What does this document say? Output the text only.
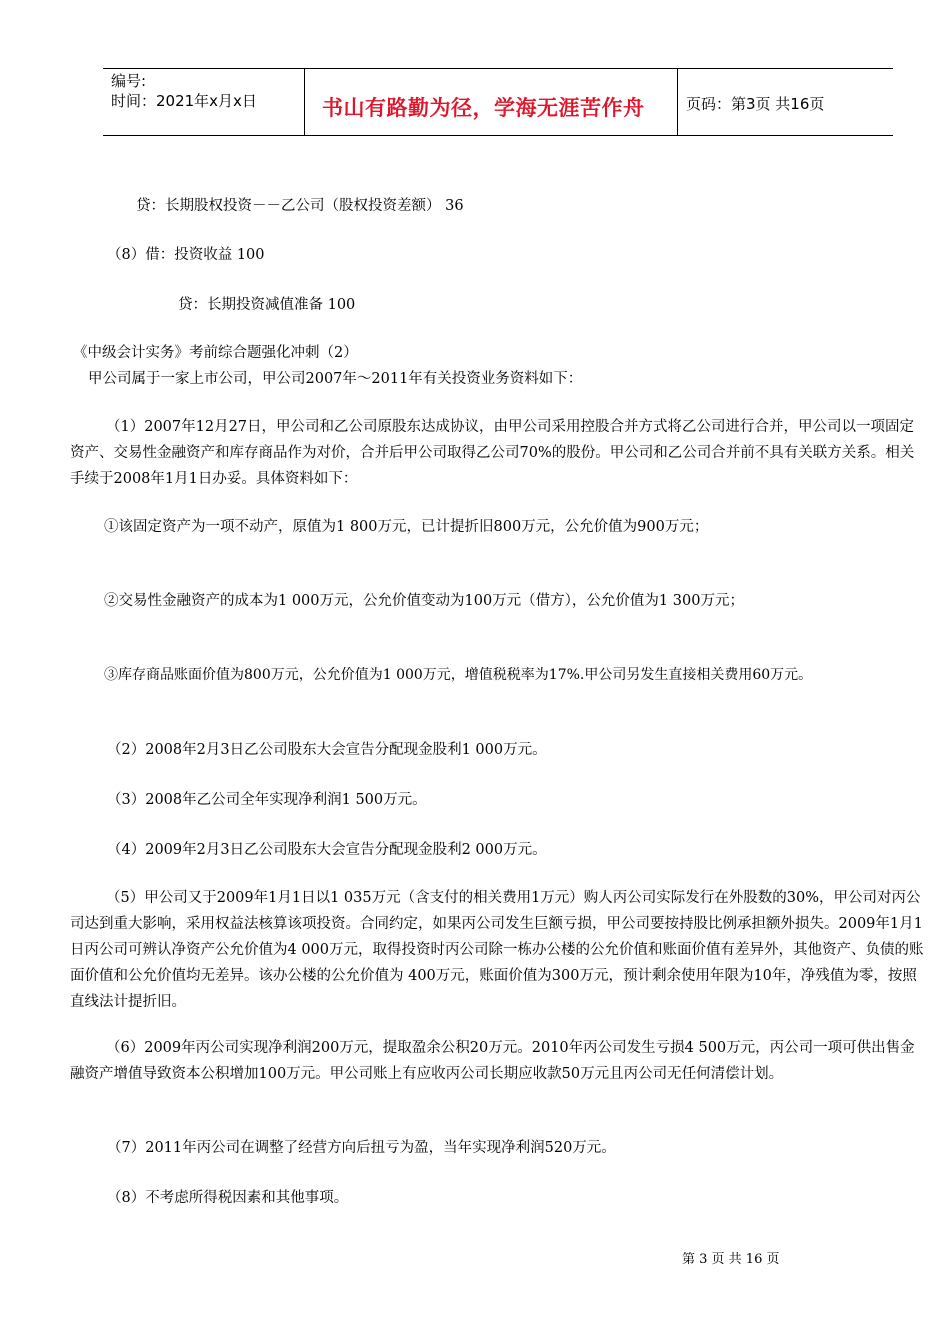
编号:
时间：2021年x月x日	书山有路勤为径，学海无涯苦作舟	页码：第3页 共16页
贷：长期股权投资－－乙公司（股权投资差额） 36
（8）借：投资收益 100
贷：长期投资减值准备 100
《中级会计实务》考前综合题强化冲刺（2）
甲公司属于一家上市公司，甲公司2007年～2011年有关投资业务资料如下：
（1）2007年12月27日，甲公司和乙公司原股东达成协议，由甲公司采用控股合并方式将乙公司进行合并，甲公司以一项固定资产、交易性金融资产和库存商品作为对价，合并后甲公司取得乙公司70%的股份。甲公司和乙公司合并前不具有关联方关系。相关手续于2008年1月1日办妥。具体资料如下：
①该固定资产为一项不动产，原值为1 800万元，已计提折旧800万元，公允价值为900万元；
②交易性金融资产的成本为1 000万元，公允价值变动为100万元（借方），公允价值为1 300万元；
③库存商品账面价值为800万元，公允价值为1 000万元，增值税税率为17%.甲公司另发生直接相关费用60万元。
（2）2008年2月3日乙公司股东大会宣告分配现金股利1 000万元。
（3）2008年乙公司全年实现净利润1 500万元。
（4）2009年2月3日乙公司股东大会宣告分配现金股利2 000万元。
（5）甲公司又于2009年1月1日以1 035万元（含支付的相关费用1万元）购人丙公司实际发行在外股数的30%，甲公司对丙公司达到重大影响，采用权益法核算该项投资。合同约定，如果丙公司发生巨额亏损，甲公司要按持股比例承担额外损失。2009年1月1日丙公司可辨认净资产公允价值为4 000万元，取得投资时丙公司除一栋办公楼的公允价值和账面价值有差异外，其他资产、负债的账面价值和公允价值均无差异。该办公楼的公允价值为 400万元，账面价值为300万元，预计剩余使用年限为10年，净残值为零，按照直线法计提折旧。
（6）2009年丙公司实现净利润200万元，提取盈余公积20万元。2010年丙公司发生亏损4 500万元，丙公司一项可供出售金融资产增值导致资本公积增加100万元。甲公司账上有应收丙公司长期应收款50万元且丙公司无任何清偿计划。
（7）2011年丙公司在调整了经营方向后扭亏为盈，当年实现净利润520万元。
（8）不考虑所得税因素和其他事项。
第 3 页 共 16 页
